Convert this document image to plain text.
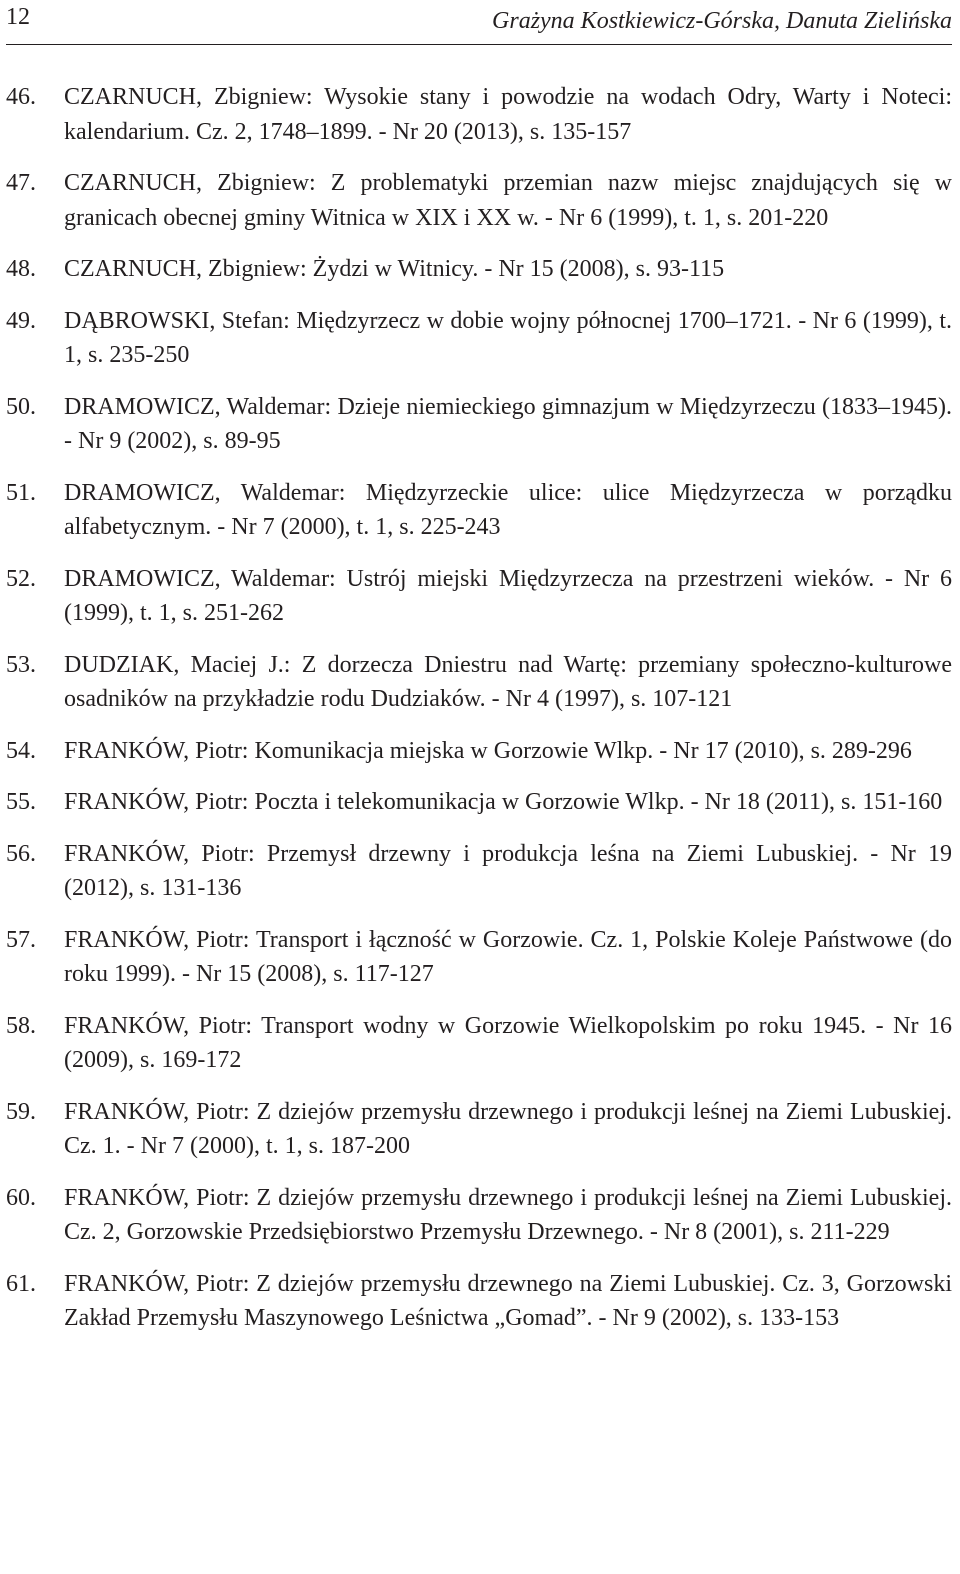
12	Grażyna Kostkiewicz-Górska, Danuta Zielińska
46. CZARNUCH, Zbigniew: Wysokie stany i powodzie na wodach Odry, Warty i Noteci: kalendarium. Cz. 2, 1748–1899. - Nr 20 (2013), s. 135-157
47. CZARNUCH, Zbigniew: Z problematyki przemian nazw miejsc znajdujących się w granicach obecnej gminy Witnica w XIX i XX w. - Nr 6 (1999), t. 1, s. 201-220
48. CZARNUCH, Zbigniew: Żydzi w Witnicy. - Nr 15 (2008), s. 93-115
49. DĄBROWSKI, Stefan: Międzyrzecz w dobie wojny północnej 1700–1721. - Nr 6 (1999), t. 1, s. 235-250
50. DRAMOWICZ, Waldemar: Dzieje niemieckiego gimnazjum w Międzyrzeczu (1833–1945). - Nr 9 (2002), s. 89-95
51. DRAMOWICZ, Waldemar: Międzyrzeckie ulice: ulice Międzyrzecza w porządku alfabetycznym. - Nr 7 (2000), t. 1, s. 225-243
52. DRAMOWICZ, Waldemar: Ustrój miejski Międzyrzecza na przestrzeni wieków. - Nr 6 (1999), t. 1, s. 251-262
53. DUDZIAK, Maciej J.: Z dorzecza Dniestru nad Wartę: przemiany społeczno-kulturowe osadników na przykładzie rodu Dudziaków. - Nr 4 (1997), s. 107-121
54. FRANKÓW, Piotr: Komunikacja miejska w Gorzowie Wlkp. - Nr 17 (2010), s. 289-296
55. FRANKÓW, Piotr: Poczta i telekomunikacja w Gorzowie Wlkp. - Nr 18 (2011), s. 151-160
56. FRANKÓW, Piotr: Przemysł drzewny i produkcja leśna na Ziemi Lubuskiej. - Nr 19 (2012), s. 131-136
57. FRANKÓW, Piotr: Transport i łączność w Gorzowie. Cz. 1, Polskie Koleje Państwowe (do roku 1999). - Nr 15 (2008), s. 117-127
58. FRANKÓW, Piotr: Transport wodny w Gorzowie Wielkopolskim po roku 1945. - Nr 16 (2009), s. 169-172
59. FRANKÓW, Piotr: Z dziejów przemysłu drzewnego i produkcji leśnej na Ziemi Lubuskiej. Cz. 1. - Nr 7 (2000), t. 1, s. 187-200
60. FRANKÓW, Piotr: Z dziejów przemysłu drzewnego i produkcji leśnej na Ziemi Lubuskiej. Cz. 2, Gorzowskie Przedsiębiorstwo Przemysłu Drzewnego. - Nr 8 (2001), s. 211-229
61. FRANKÓW, Piotr: Z dziejów przemysłu drzewnego na Ziemi Lubuskiej. Cz. 3, Gorzowski Zakład Przemysłu Maszynowego Leśnictwa „Gomad”. - Nr 9 (2002), s. 133-153
